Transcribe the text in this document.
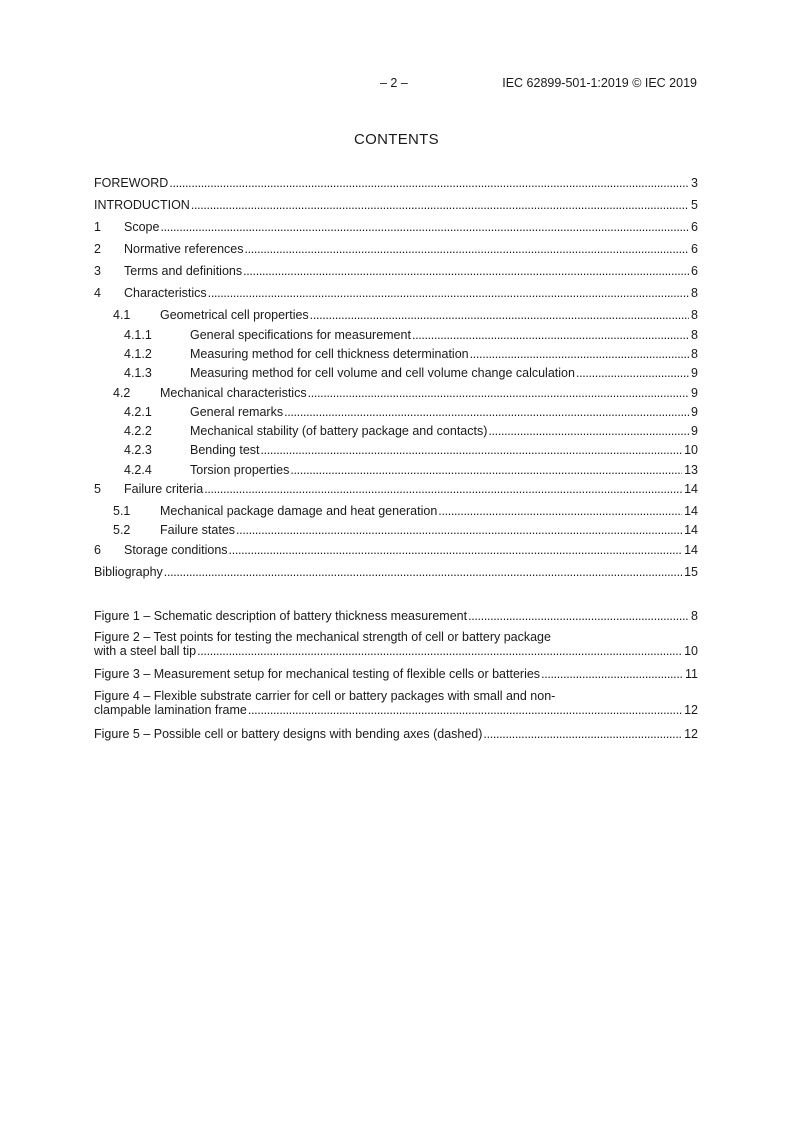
– 2 –	IEC 62899-501-1:2019 © IEC 2019
CONTENTS
FOREWORD . . .	3
INTRODUCTION . . .	5
1	Scope . . .	6
2	Normative references . . .	6
3	Terms and definitions . . .	6
4	Characteristics . . .	8
4.1	Geometrical cell properties . . .	8
4.1.1	General specifications for measurement . . .	8
4.1.2	Measuring method for cell thickness determination . . .	8
4.1.3	Measuring method for cell volume and cell volume change calculation . . .	9
4.2	Mechanical characteristics . . .	9
4.2.1	General remarks . . .	9
4.2.2	Mechanical stability (of battery package and contacts) . . .	9
4.2.3	Bending test . . .	10
4.2.4	Torsion properties . . .	13
5	Failure criteria . . .	14
5.1	Mechanical package damage and heat generation . . .	14
5.2	Failure states . . .	14
6	Storage conditions . . .	14
Bibliography . . .	15
Figure 1 – Schematic description of battery thickness measurement . . .	8
Figure 2 – Test points for testing the mechanical strength of cell or battery package
with a steel ball tip . . .	10
Figure 3 – Measurement setup for mechanical testing of flexible cells or batteries . . .	11
Figure 4 – Flexible substrate carrier for cell or battery packages with small and non-
clampable lamination frame . . .	12
Figure 5 – Possible cell or battery designs with bending axes (dashed) . . .	12
